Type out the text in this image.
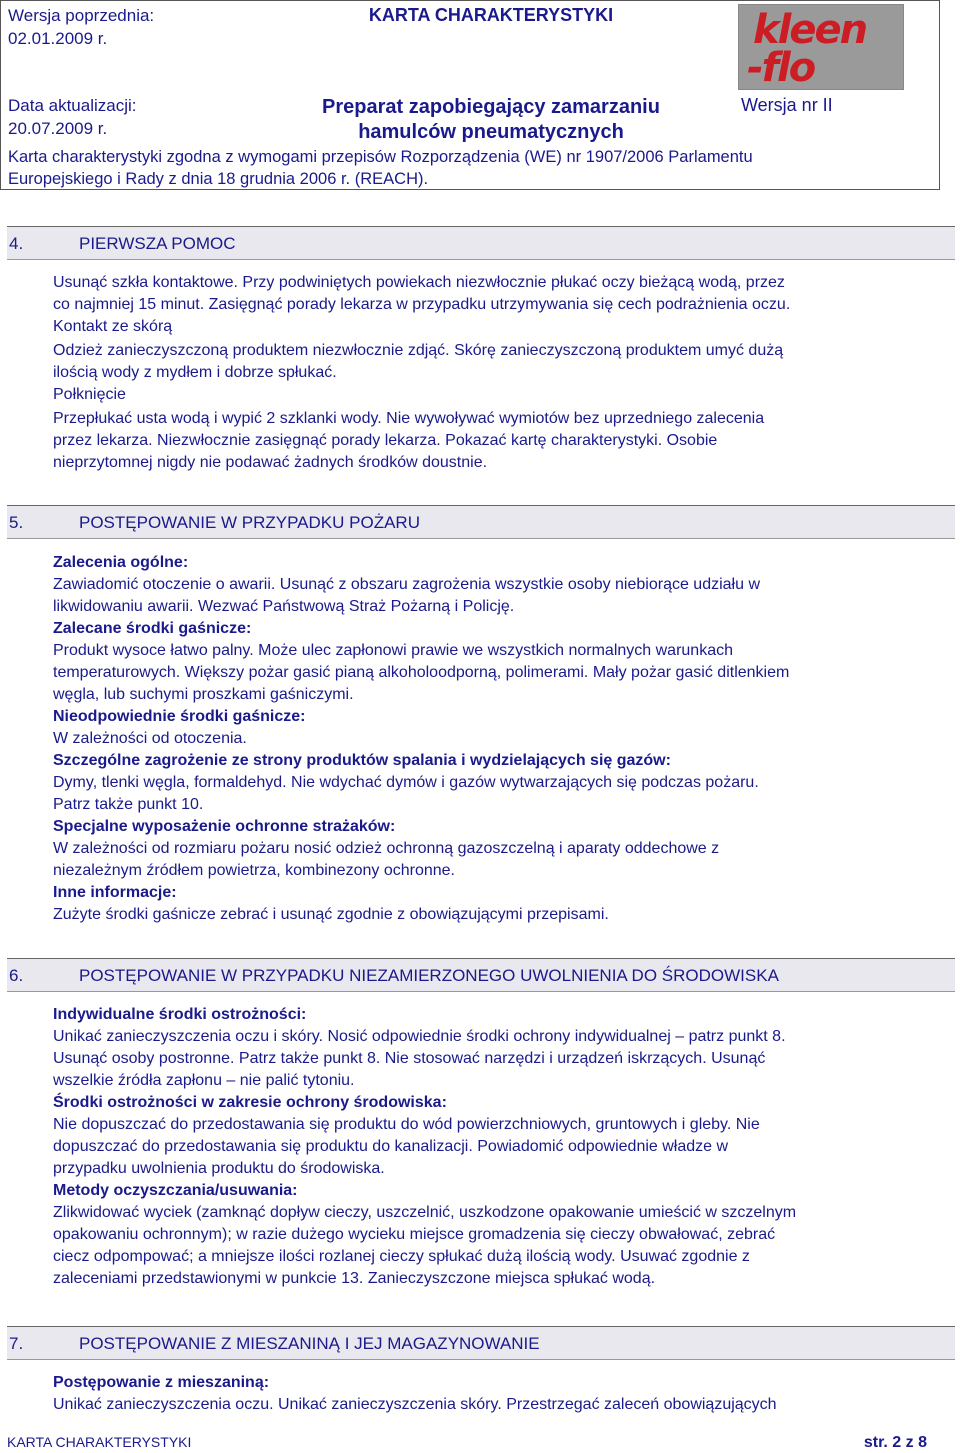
Wersja poprzednia:
02.01.2009 r.
KARTA CHARAKTERYSTYKI	kleen
-flo
Data aktualizacji:
20.07.2009 r.
Preparat zapobiegający zamarzaniu
hamulców pneumatycznych
Wersja nr II
Karta charakterystyki zgodna z wymogami przepisów Rozporządzenia (WE) nr 1907/2006 Parlamentu
Europejskiego i Rady z dnia 18 grudnia 2006 r. (REACH).
4.	PIERWSZA POMOC
Usunąć szkła kontaktowe. Przy podwiniętych powiekach niezwłocznie płukać oczy bieżącą wodą, przez
co najmniej 15 minut. Zasięgnąć porady lekarza w przypadku utrzymywania się cech podrażnienia oczu.
Kontakt ze skórą
Odzież zanieczyszczoną produktem niezwłocznie zdjąć. Skórę zanieczyszczoną produktem umyć dużą
ilością wody z mydłem i dobrze spłukać.
Połknięcie
Przepłukać usta wodą i wypić 2 szklanki wody. Nie wywoływać wymiotów bez uprzedniego zalecenia
przez lekarza. Niezwłocznie zasięgnąć porady lekarza. Pokazać kartę charakterystyki. Osobie
nieprzytomnej nigdy nie podawać żadnych środków doustnie.
5.	POSTĘPOWANIE W PRZYPADKU POŻARU
Zalecenia ogólne:
Zawiadomić otoczenie o awarii. Usunąć z obszaru zagrożenia wszystkie osoby niebiorące udziału w
likwidowaniu awarii. Wezwać Państwową Straż Pożarną i Policję.
Zalecane środki gaśnicze:
Produkt wysoce łatwo palny. Może ulec zapłonowi prawie we wszystkich normalnych warunkach
temperaturowych. Większy pożar gasić pianą alkoholoodporną, polimerami. Mały pożar gasić ditlenkiem
węgla, lub suchymi proszkami gaśniczymi.
Nieodpowiednie środki gaśnicze:
W zależności od otoczenia.
Szczególne zagrożenie ze strony produktów spalania i wydzielających się gazów:
Dymy, tlenki węgla, formaldehyd. Nie wdychać dymów i gazów wytwarzających się podczas pożaru.
Patrz także punkt 10.
Specjalne wyposażenie ochronne strażaków:
W zależności od rozmiaru pożaru nosić odzież ochronną gazoszczelną i aparaty oddechowe z
niezależnym źródłem powietrza, kombinezony ochronne.
Inne informacje:
Zużyte środki gaśnicze zebrać i usunąć zgodnie z obowiązującymi przepisami.
6.	POSTĘPOWANIE W PRZYPADKU NIEZAMIERZONEGO UWOLNIENIA DO ŚRODOWISKA
Indywidualne środki ostrożności:
Unikać zanieczyszczenia oczu i skóry. Nosić odpowiednie środki ochrony indywidualnej – patrz punkt 8.
Usunąć osoby postronne. Patrz także punkt 8. Nie stosować narzędzi i urządzeń iskrzących. Usunąć
wszelkie źródła zapłonu – nie palić tytoniu.
Środki ostrożności w zakresie ochrony środowiska:
Nie dopuszczać do przedostawania się produktu do wód powierzchniowych, gruntowych i gleby. Nie
dopuszczać do przedostawania się produktu do kanalizacji. Powiadomić odpowiednie władze w
przypadku uwolnienia produktu do środowiska.
Metody oczyszczania/usuwania:
Zlikwidować wyciek (zamknąć dopływ cieczy, uszczelnić, uszkodzone opakowanie umieścić w szczelnym
opakowaniu ochronnym); w razie dużego wycieku miejsce gromadzenia się cieczy obwałować, zebrać
ciecz odpompować; a mniejsze ilości rozlanej cieczy spłukać dużą ilością wody. Usuwać zgodnie z
zaleceniami przedstawionymi w punkcie 13. Zanieczyszczone miejsca spłukać wodą.
7.	POSTĘPOWANIE Z MIESZANINĄ I JEJ MAGAZYNOWANIE
Postępowanie z mieszaniną:
Unikać zanieczyszczenia oczu. Unikać zanieczyszczenia skóry. Przestrzegać zaleceń obowiązujących
KARTA CHARAKTERYSTYKI	str. 2 z 8
